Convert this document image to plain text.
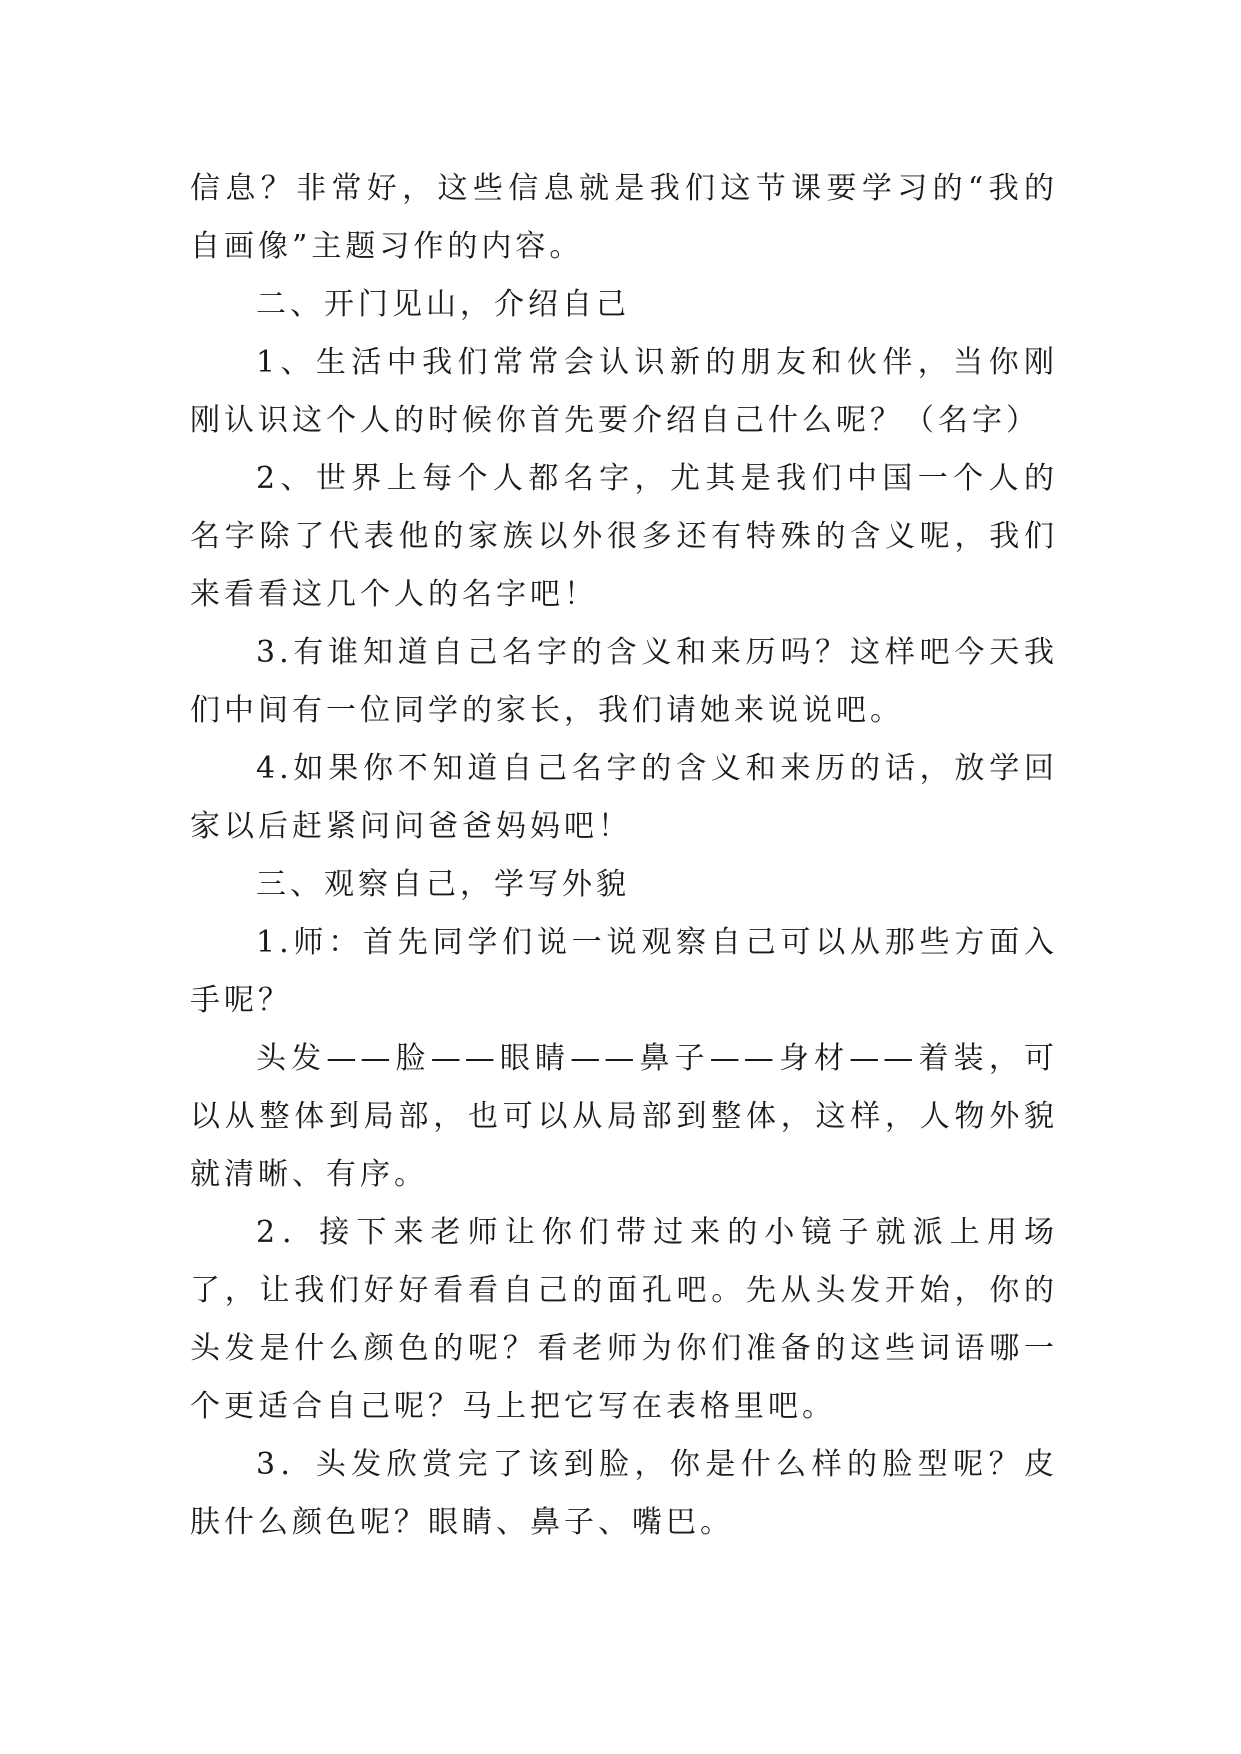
信息？非常好，这些信息就是我们这节课要学习的“我的自画像”主题习作的内容。

二、开门见山，介绍自己

1、生活中我们常常会认识新的朋友和伙伴，当你刚刚认识这个人的时候你首先要介绍自己什么呢？（名字）

2、世界上每个人都名字，尤其是我们中国一个人的名字除了代表他的家族以外很多还有特殊的含义呢，我们来看看这几个人的名字吧！

3.有谁知道自己名字的含义和来历吗？这样吧今天我们中间有一位同学的家长，我们请她来说说吧。

4.如果你不知道自己名字的含义和来历的话，放学回家以后赶紧问问爸爸妈妈吧！

三、观察自己，学写外貌

1.师：首先同学们说一说观察自己可以从那些方面入手呢？

头发——脸——眼睛——鼻子——身材——着装，可以从整体到局部，也可以从局部到整体，这样，人物外貌就清晰、有序。

2．接下来老师让你们带过来的小镜子就派上用场了，让我们好好看看自己的面孔吧。先从头发开始，你的头发是什么颜色的呢？看老师为你们准备的这些词语哪一个更适合自己呢？马上把它写在表格里吧。

3．头发欣赏完了该到脸，你是什么样的脸型呢？皮肤什么颜色呢？眼睛、鼻子、嘴巴。
